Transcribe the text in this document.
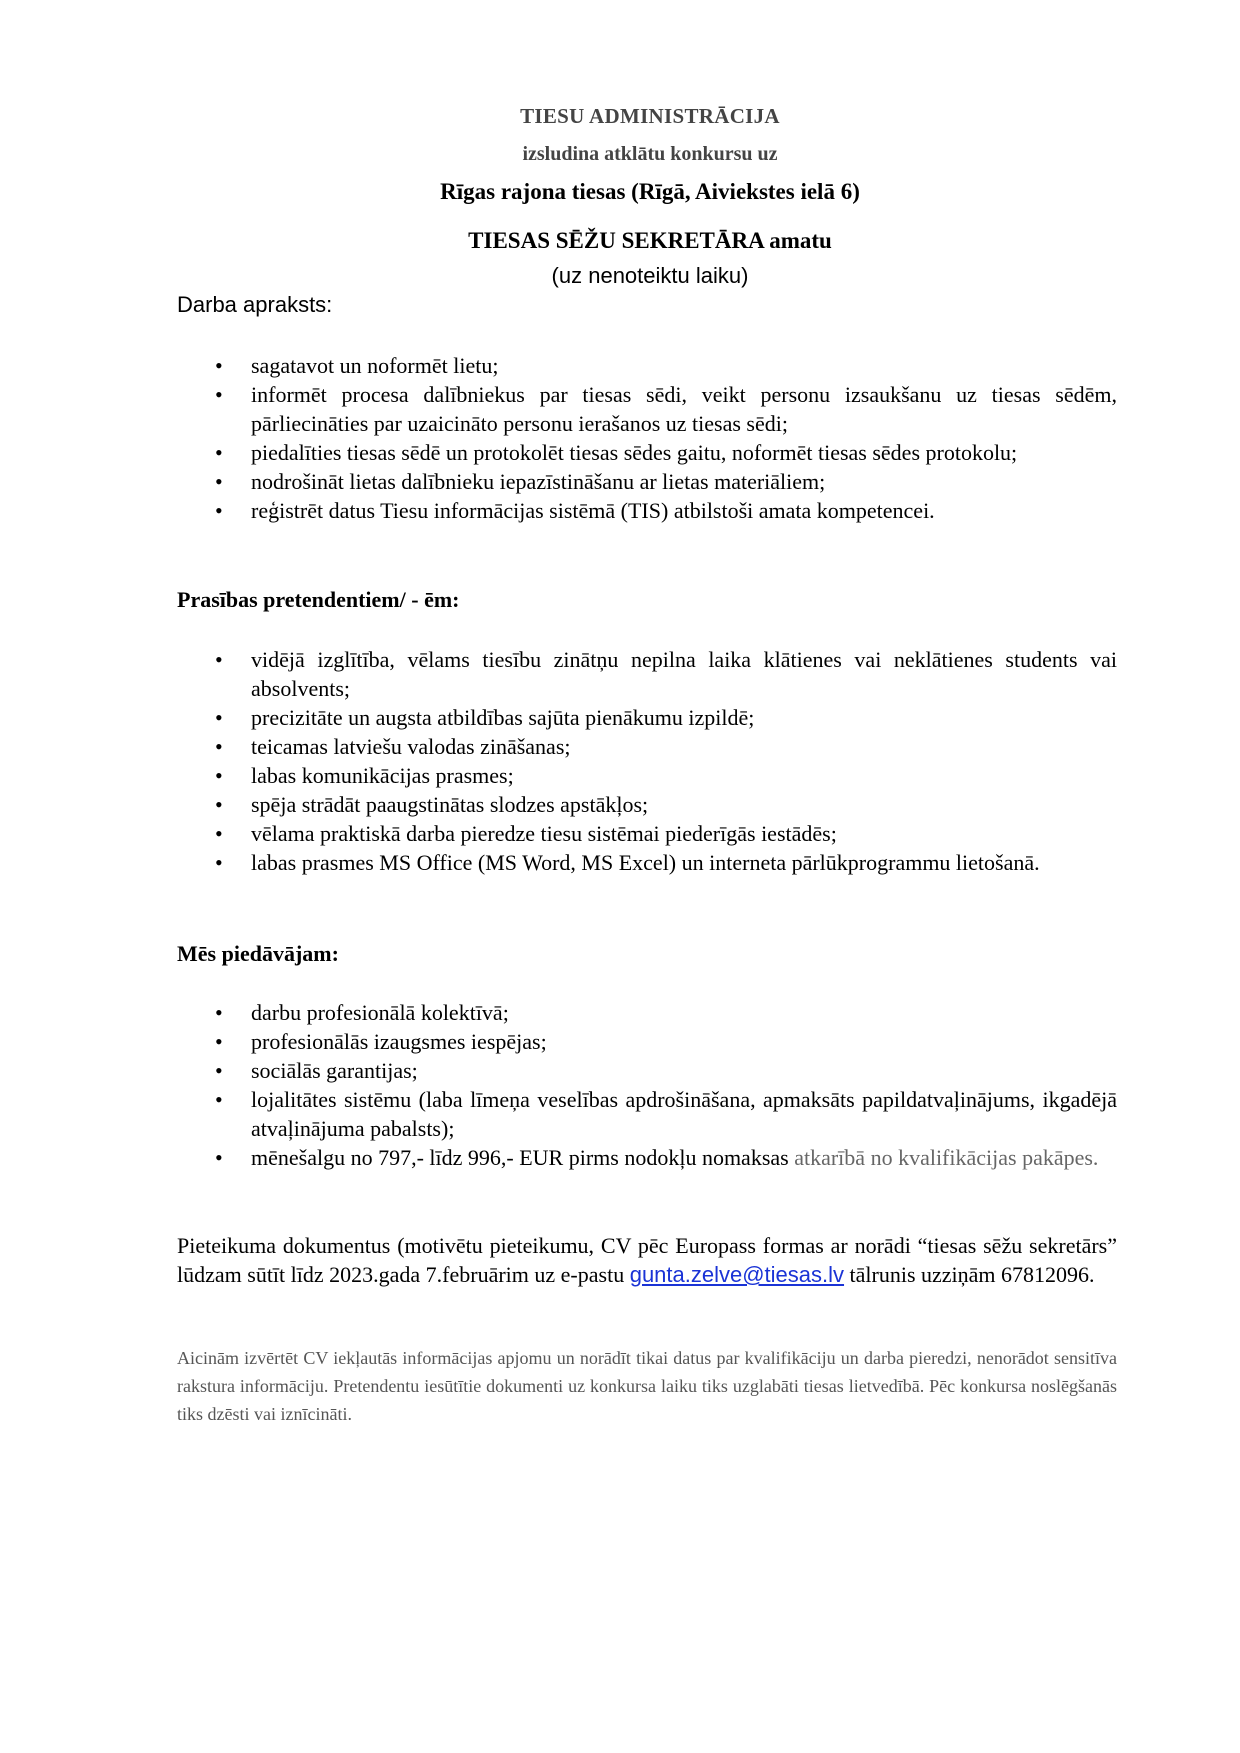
TIESU ADMINISTRĀCIJA
izsludina atklātu konkursu uz
Rīgas rajona tiesas (Rīgā, Aiviekstes ielā 6)
TIESAS SĒŽU SEKRETĀRA amatu
(uz nenoteiktu laiku)
Darba apraksts:
• sagatavot un noformēt lietu;
• informēt procesa dalībniekus par tiesas sēdi, veikt personu izsaukšanu uz tiesas sēdēm, pārliecināties par uzaicināto personu ierašanos uz tiesas sēdi;
• piedalīties tiesas sēdē un protokolēt tiesas sēdes gaitu, noformēt tiesas sēdes protokolu;
• nodrošināt lietas dalībnieku iepazīstināšanu ar lietas materiāliem;
• reģistrēt datus Tiesu informācijas sistēmā (TIS) atbilstoši amata kompetencei.
Prasības pretendentiem/ - ēm:
• vidējā izglītība, vēlams tiesību zinātņu nepilna laika klātienes vai neklātienes students vai absolvents;
• precizitāte un augsta atbildības sajūta pienākumu izpildē;
• teicamas latviešu valodas zināšanas;
• labas komunikācijas prasmes;
• spēja strādāt paaugstinātas slodzes apstākļos;
• vēlama praktiskā darba pieredze tiesu sistēmai piederīgās iestādēs;
• labas prasmes MS Office (MS Word, MS Excel) un interneta pārlūkprogrammu lietošanā.
Mēs piedāvājam:
• darbu profesionālā kolektīvā;
• profesionālās izaugsmes iespējas;
• sociālās garantijas;
• lojalitātes sistēmu (laba līmeņa veselības apdrošināšana, apmaksāts papildatvaļinājums, ikgadējā atvaļinājuma pabalsts);
• mēnešalgu no 797,- līdz 996,- EUR pirms nodokļu nomaksas atkarībā no kvalifikācijas pakāpes.
Pieteikuma dokumentus (motivētu pieteikumu, CV pēc Europass formas ar norādi “tiesas sēžu sekretārs” lūdzam sūtīt līdz 2023.gada 7.februārim uz e-pastu gunta.zelve@tiesas.lv tālrunis uzziņām 67812096.
Aicinām izvērtēt CV iekļautās informācijas apjomu un norādīt tikai datus par kvalifikāciju un darba pieredzi, nenorādot sensitīva rakstura informāciju. Pretendentu iesūtītie dokumenti uz konkursa laiku tiks uzglabāti tiesas lietvedībā. Pēc konkursa noslēgšanās tiks dzēsti vai iznīcināti.
